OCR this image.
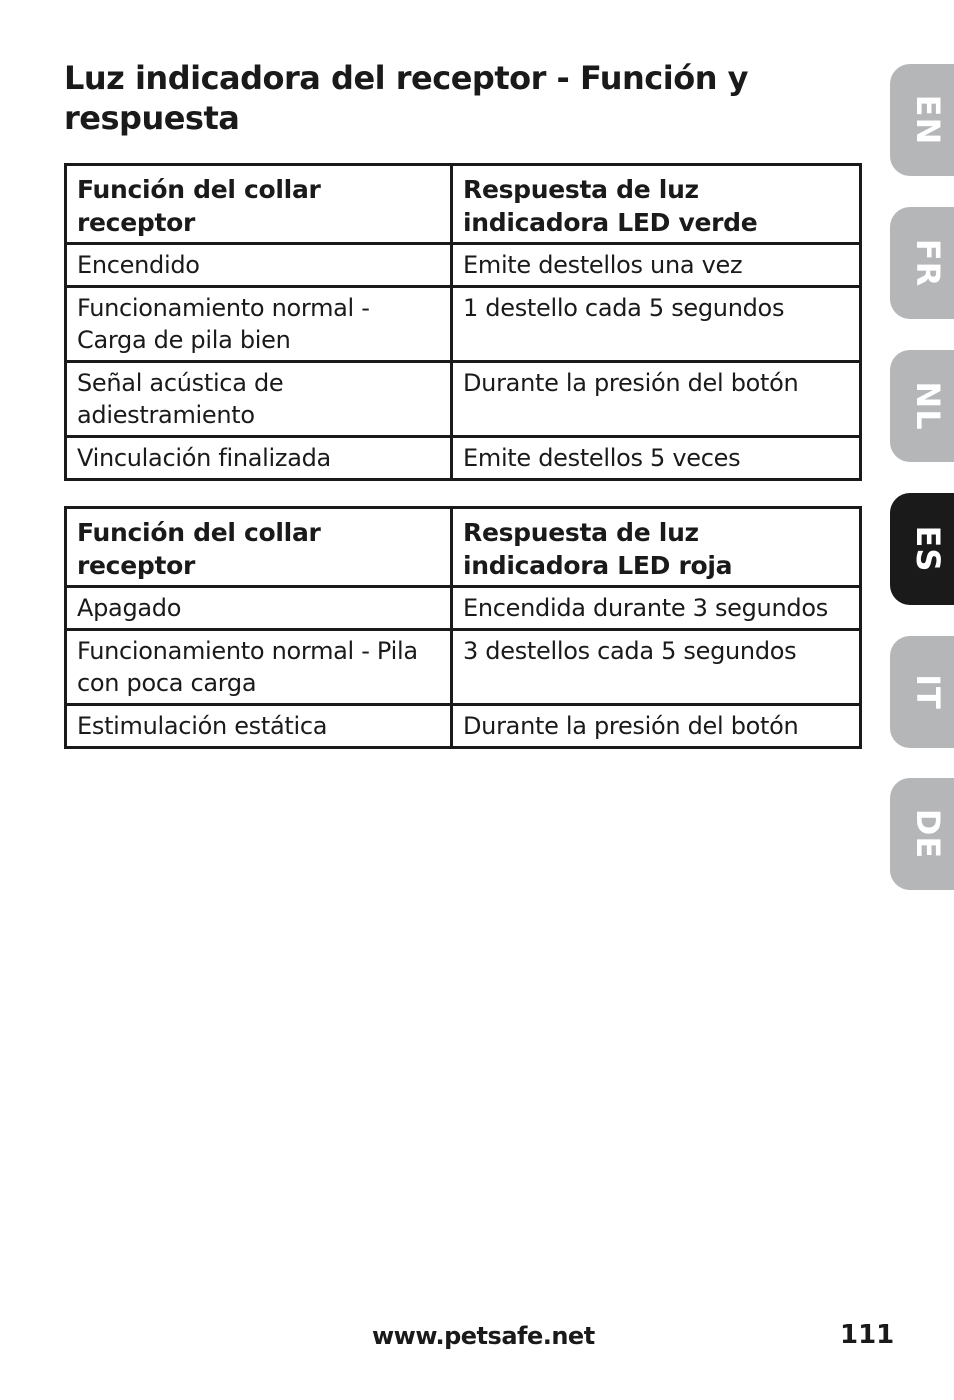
Luz indicadora del receptor - Función y respuesta
Función del collar receptor	Respuesta de luz indicadora LED verde
Encendido	Emite destellos una vez
Funcionamiento normal - Carga de pila bien	1 destello cada 5 segundos
Señal acústica de adiestramiento	Durante la presión del botón
Vinculación finalizada	Emite destellos 5 veces
Función del collar receptor	Respuesta de luz indicadora LED roja
Apagado	Encendida durante 3 segundos
Funcionamiento normal - Pila con poca carga	3 destellos cada 5 segundos
Estimulación estática	Durante la presión del botón
EN
FR
NL
ES
IT
DE
www.petsafe.net	111
